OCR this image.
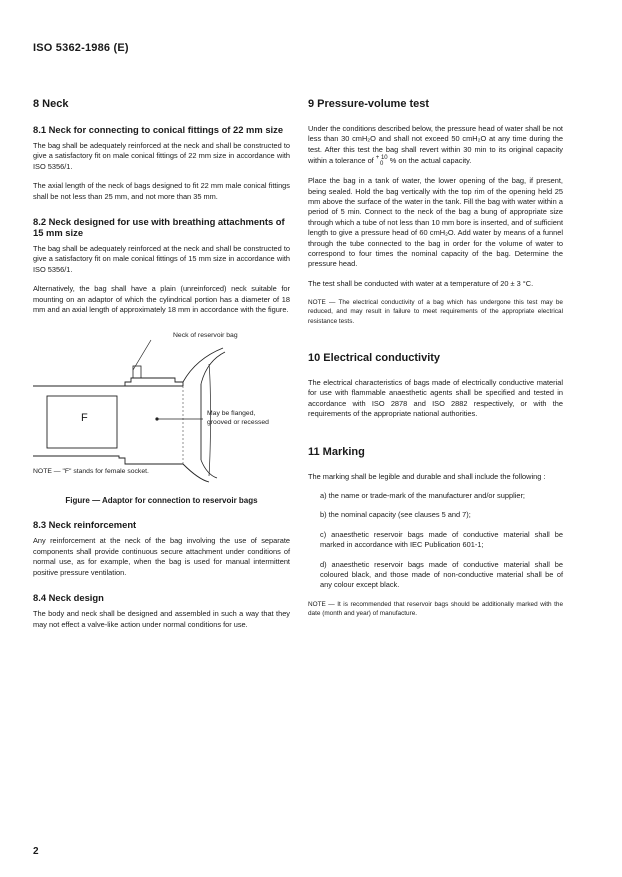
ISO 5362-1986 (E)
8 Neck
8.1 Neck for connecting to conical fittings of 22 mm size

The bag shall be adequately reinforced at the neck and shall be constructed to give a satisfactory fit on male conical fittings of 22 mm size in accordance with ISO 5356/1.

The axial length of the neck of bags designed to fit 22 mm male conical fittings shall be not less than 25 mm, and not more than 35 mm.

8.2 Neck designed for use with breathing attachments of 15 mm size

The bag shall be adequately reinforced at the neck and shall be constructed to give a satisfactory fit on male conical fittings of 15 mm size in accordance with ISO 5356/1.

Alternatively, the bag shall have a plain (unreinforced) neck suitable for mounting on an adaptor of which the cylindrical portion has a diameter of 18 mm and an axial length of approximately 18 mm in accordance with the figure.

Neck of reservoir bag
F	May be flanged,
grooved or recessed
NOTE — "F" stands for female socket.
Figure — Adaptor for connection to reservoir bags
8.3 Neck reinforcement

Any reinforcement at the neck of the bag involving the use of separate components shall provide continuous secure attachment under conditions of normal use, as for example, when the bag is used for manual intermittent positive pressure ventilation.

8.4 Neck design

The body and neck shall be designed and assembled in such a way that they may not effect a valve-like action under normal conditions for use.

9 Pressure-volume test

Under the conditions described below, the pressure head of water shall be not less than 30 cmH₂O and shall not exceed 50 cmH₂O at any time during the test. After this test the bag shall revert within 30 min to its original capacity within a tolerance of + 10
0 % on the actual capacity.

Place the bag in a tank of water, the lower opening of the bag, if present, being sealed. Hold the bag vertically with the top rim of the opening held 25 mm above the surface of the water in the tank. Fill the bag with water within a period of 5 min. Connect to the neck of the bag a bung of appropriate size through which a tube of not less than 10 mm bore is inserted, and of sufficient length to give a pressure head of 60 cmH₂O. Add water by means of a funnel through the tube connected to the bag in order for the volume of water to correspond to four times the nominal capacity of the bag. Determine the pressure head.

The test shall be conducted with water at a temperature of 20 ± 3 °C.

NOTE — The electrical conductivity of a bag which has undergone this test may be reduced, and may result in failure to meet requirements of the appropriate electrical resistance tests.

10 Electrical conductivity

The electrical characteristics of bags made of electrically conductive material for use with flammable anaesthetic agents shall be specified and tested in accordance with ISO 2878 and ISO 2882 respectively, or with the requirements of the appropriate national authorities.

11 Marking

The marking shall be legible and durable and shall include the following :

a) the name or trade-mark of the manufacturer and/or supplier;

b) the nominal capacity (see clauses 5 and 7);

c) anaesthetic reservoir bags made of conductive material shall be marked in accordance with IEC Publication 601-1;

d) anaesthetic reservoir bags made of conductive material shall be coloured black, and those made of non-conductive material shall be of any colour except black.

NOTE — It is recommended that reservoir bags should be additionally marked with the date (month and year) of manufacture.

2
